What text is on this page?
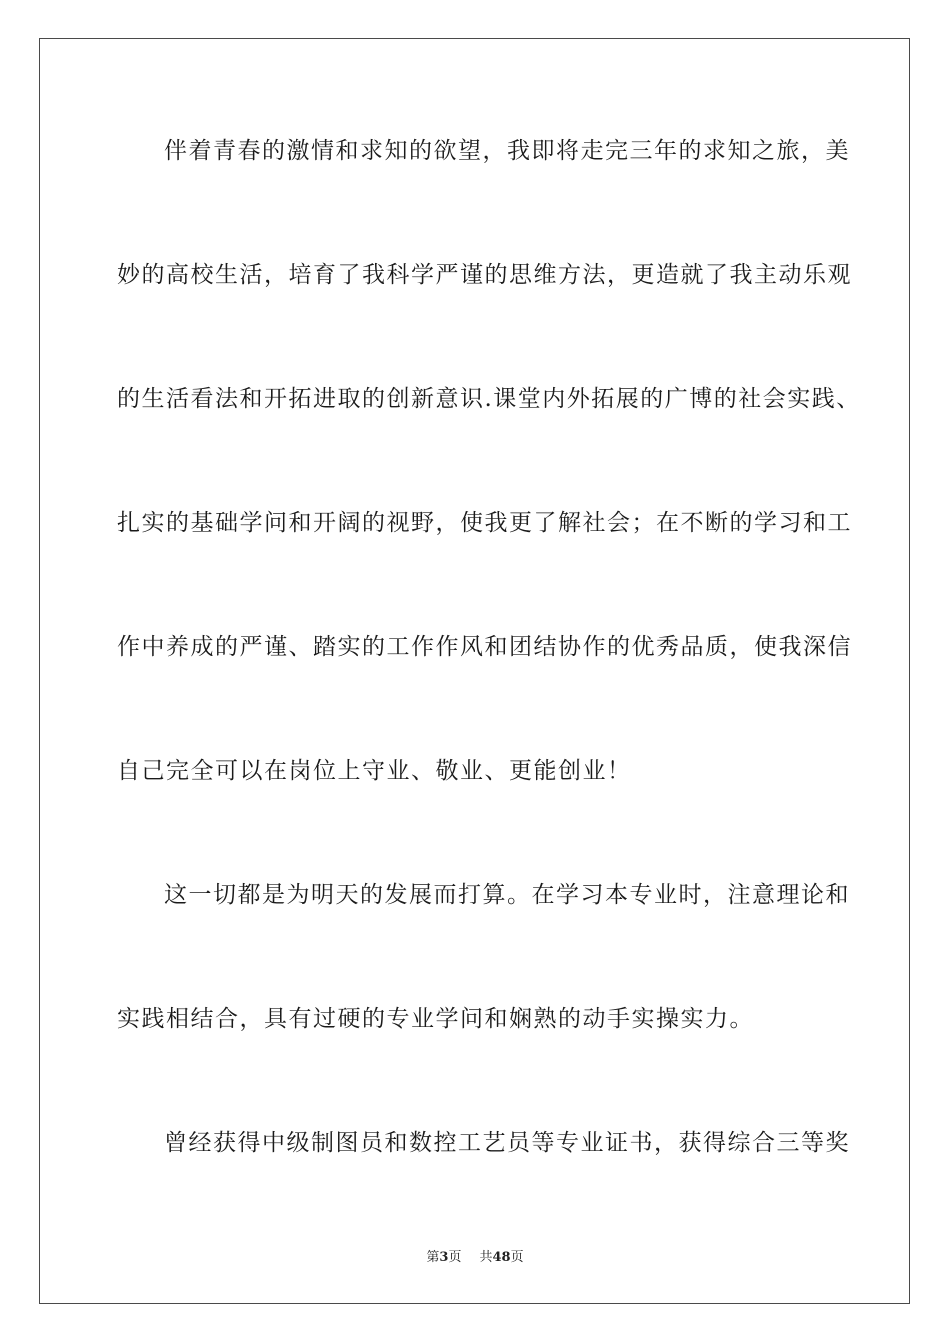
伴着青春的激情和求知的欲望，我即将走完三年的求知之旅，美
妙的高校生活，培育了我科学严谨的思维方法，更造就了我主动乐观
的生活看法和开拓进取的创新意识.课堂内外拓展的广博的社会实践、
扎实的基础学问和开阔的视野，使我更了解社会；在不断的学习和工
作中养成的严谨、踏实的工作作风和团结协作的优秀品质，使我深信
自己完全可以在岗位上守业、敬业、更能创业！
这一切都是为明天的发展而打算。在学习本专业时，注意理论和
实践相结合，具有过硬的专业学问和娴熟的动手实操实力。
曾经获得中级制图员和数控工艺员等专业证书，获得综合三等奖
第3页 共48页
